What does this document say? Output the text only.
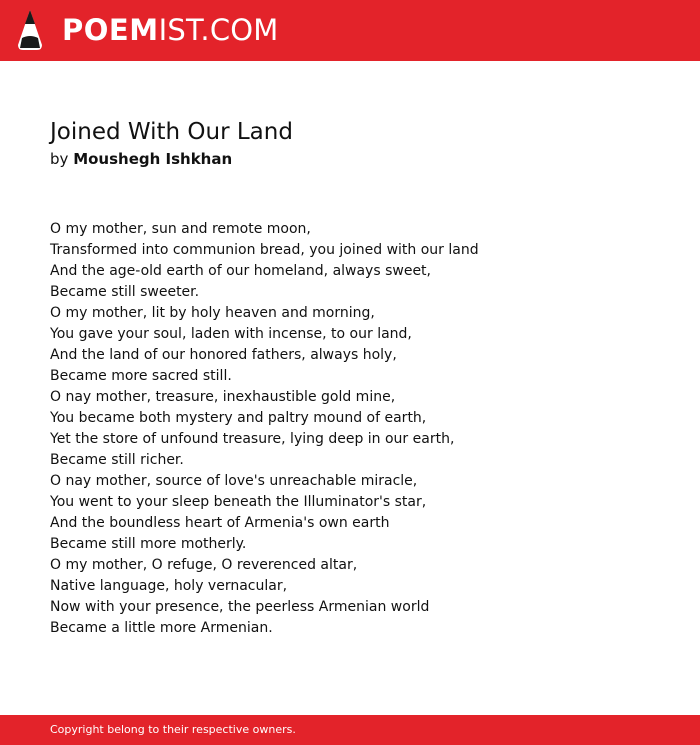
POEMIST.COM
Joined With Our Land
by Moushegh Ishkhan
O my mother, sun and remote moon,
Transformed into communion bread, you joined with our land
And the age-old earth of our homeland, always sweet,
Became still sweeter.
O my mother, lit by holy heaven and morning,
You gave your soul, laden with incense, to our land,
And the land of our honored fathers, always holy,
Became more sacred still.
O nay mother, treasure, inexhaustible gold mine,
You became both mystery and paltry mound of earth,
Yet the store of unfound treasure, lying deep in our earth,
Became still richer.
O nay mother, source of love's unreachable miracle,
You went to your sleep beneath the Illuminator's star,
And the boundless heart of Armenia's own earth
Became still more motherly.
O my mother, O refuge, O reverenced altar,
Native language, holy vernacular,
Now with your presence, the peerless Armenian world
Became a little more Armenian.
Copyright belong to their respective owners.
